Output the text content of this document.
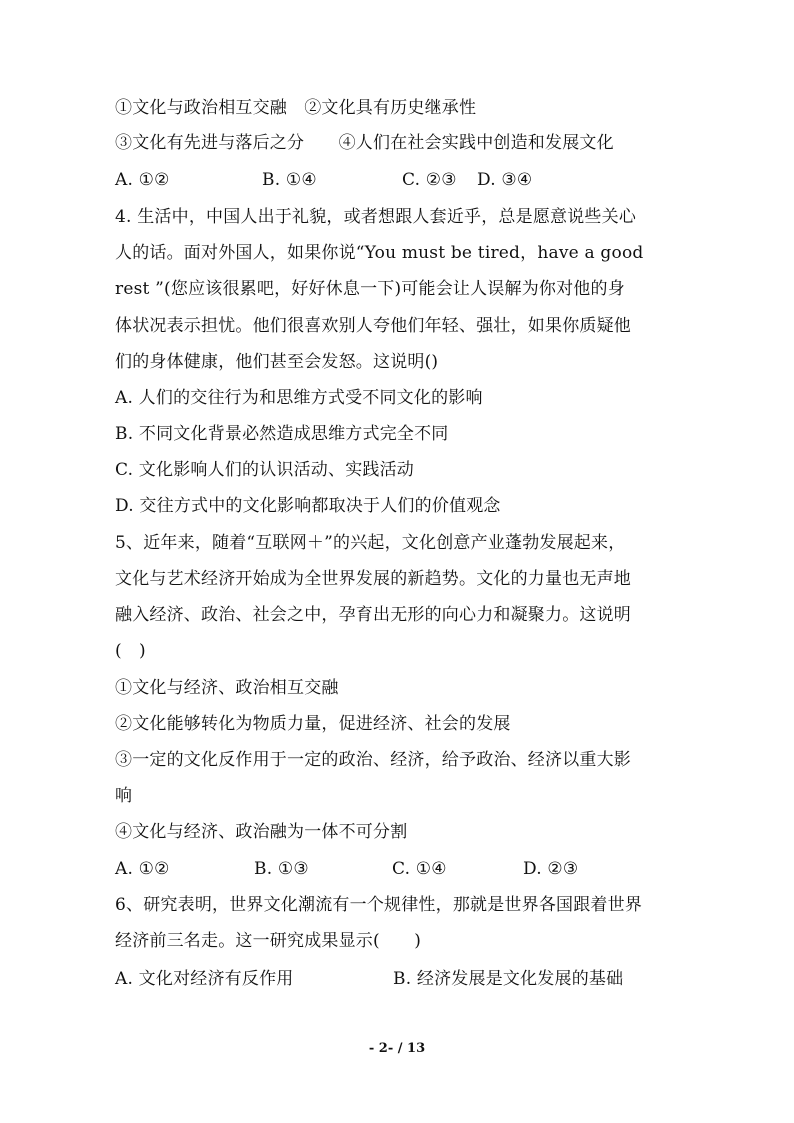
①文化与政治相互交融　②文化具有历史继承性
③文化有先进与落后之分　　④人们在社会实践中创造和发展文化
A. ①②	B. ①④	C. ②③ D. ③④
4. 生活中，中国人出于礼貌，或者想跟人套近乎，总是愿意说些关心
人的话。面对外国人，如果你说“You must be tired，have a good
rest ”(您应该很累吧，好好休息一下)可能会让人误解为你对他的身
体状况表示担忧。他们很喜欢别人夸他们年轻、强壮，如果你质疑他
们的身体健康，他们甚至会发怒。这说明()
A. 人们的交往行为和思维方式受不同文化的影响
B. 不同文化背景必然造成思维方式完全不同
C. 文化影响人们的认识活动、实践活动
D. 交往方式中的文化影响都取决于人们的价值观念
5、近年来，随着“互联网＋”的兴起，文化创意产业蓬勃发展起来，
文化与艺术经济开始成为全世界发展的新趋势。文化的力量也无声地
融入经济、政治、社会之中，孕育出无形的向心力和凝聚力。这说明
(　)
①文化与经济、政治相互交融
②文化能够转化为物质力量，促进经济、社会的发展
③一定的文化反作用于一定的政治、经济，给予政治、经济以重大影
响
④文化与经济、政治融为一体不可分割
A. ①②	B. ①③	C. ①④	D. ②③
6、研究表明，世界文化潮流有一个规律性，那就是世界各国跟着世界
经济前三名走。这一研究成果显示(　　)
A. 文化对经济有反作用	B. 经济发展是文化发展的基础
- 2- / 13
